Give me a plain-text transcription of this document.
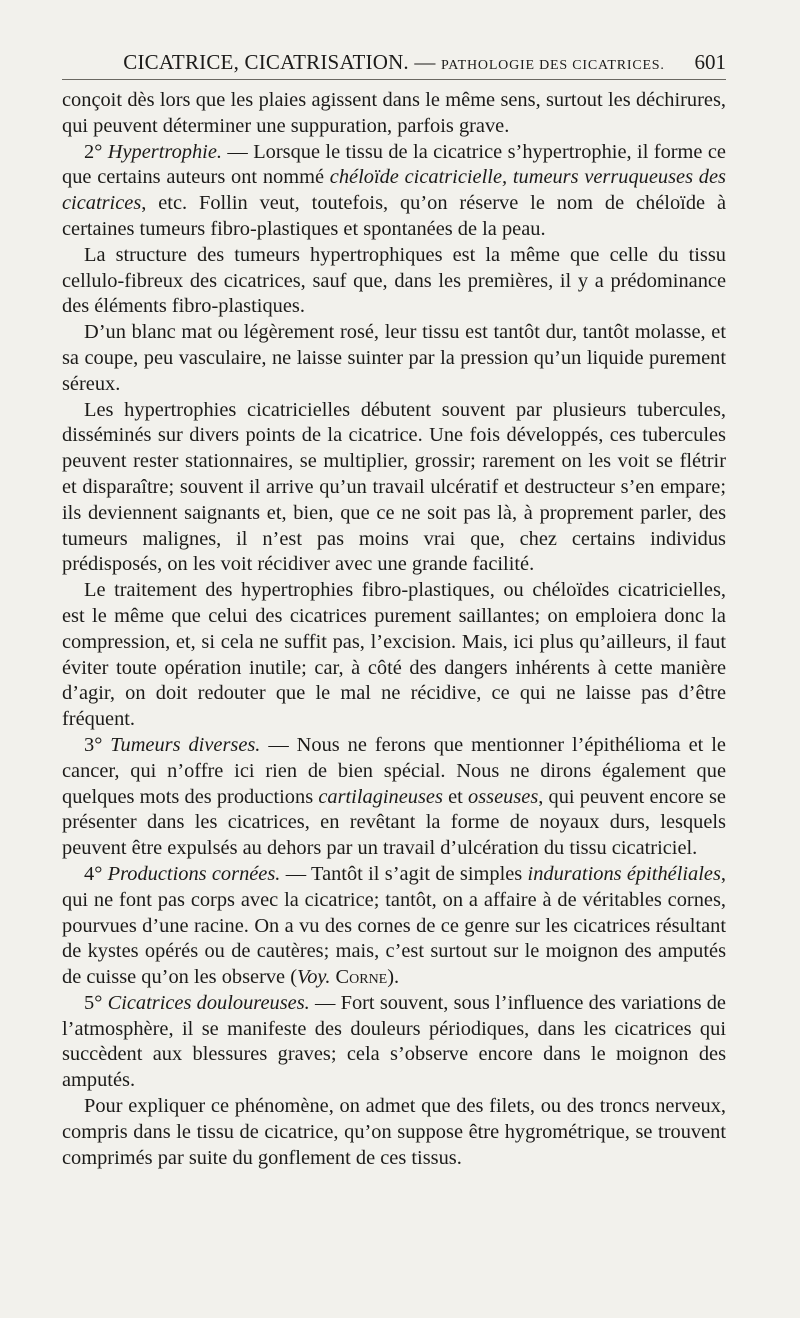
CICATRICE, CICATRISATION. — PATHOLOGIE DES CICATRICES. 601

conçoit dès lors que les plaies agissent dans le même sens, surtout les déchirures, qui peuvent déterminer une suppuration, parfois grave.

2° Hypertrophie. — Lorsque le tissu de la cicatrice s’hypertrophie, il forme ce que certains auteurs ont nommé chéloïde cicatricielle, tumeurs verruqueuses des cicatrices, etc. Follin veut, toutefois, qu’on réserve le nom de chéloïde à certaines tumeurs fibro-plastiques et spontanées de la peau.

La structure des tumeurs hypertrophiques est la même que celle du tissu cellulo-fibreux des cicatrices, sauf que, dans les premières, il y a prédominance des éléments fibro-plastiques.

D’un blanc mat ou légèrement rosé, leur tissu est tantôt dur, tantôt molasse, et sa coupe, peu vasculaire, ne laisse suinter par la pression qu’un liquide purement séreux.

Les hypertrophies cicatricielles débutent souvent par plusieurs tubercules, disséminés sur divers points de la cicatrice. Une fois développés, ces tubercules peuvent rester stationnaires, se multiplier, grossir; rarement on les voit se flétrir et disparaître; souvent il arrive qu’un travail ulcératif et destructeur s’en empare; ils deviennent saignants et, bien, que ce ne soit pas là, à proprement parler, des tumeurs malignes, il n’est pas moins vrai que, chez certains individus prédisposés, on les voit récidiver avec une grande facilité.

Le traitement des hypertrophies fibro-plastiques, ou chéloïdes cicatricielles, est le même que celui des cicatrices purement saillantes; on emploiera donc la compression, et, si cela ne suffit pas, l’excision. Mais, ici plus qu’ailleurs, il faut éviter toute opération inutile; car, à côté des dangers inhérents à cette manière d’agir, on doit redouter que le mal ne récidive, ce qui ne laisse pas d’être fréquent.

3° Tumeurs diverses. — Nous ne ferons que mentionner l’épithélioma et le cancer, qui n’offre ici rien de bien spécial. Nous ne dirons également que quelques mots des productions cartilagineuses et osseuses, qui peuvent encore se présenter dans les cicatrices, en revêtant la forme de noyaux durs, lesquels peuvent être expulsés au dehors par un travail d’ulcération du tissu cicatriciel.

4° Productions cornées. — Tantôt il s’agit de simples indurations épithéliales, qui ne font pas corps avec la cicatrice; tantôt, on a affaire à de véritables cornes, pourvues d’une racine. On a vu des cornes de ce genre sur les cicatrices résultant de kystes opérés ou de cautères; mais, c’est surtout sur le moignon des amputés de cuisse qu’on les observe (Voy. Corne).

5° Cicatrices douloureuses. — Fort souvent, sous l’influence des variations de l’atmosphère, il se manifeste des douleurs périodiques, dans les cicatrices qui succèdent aux blessures graves; cela s’observe encore dans le moignon des amputés.

Pour expliquer ce phénomène, on admet que des filets, ou des troncs nerveux, compris dans le tissu de cicatrice, qu’on suppose être hygrométrique, se trouvent comprimés par suite du gonflement de ces tissus.
